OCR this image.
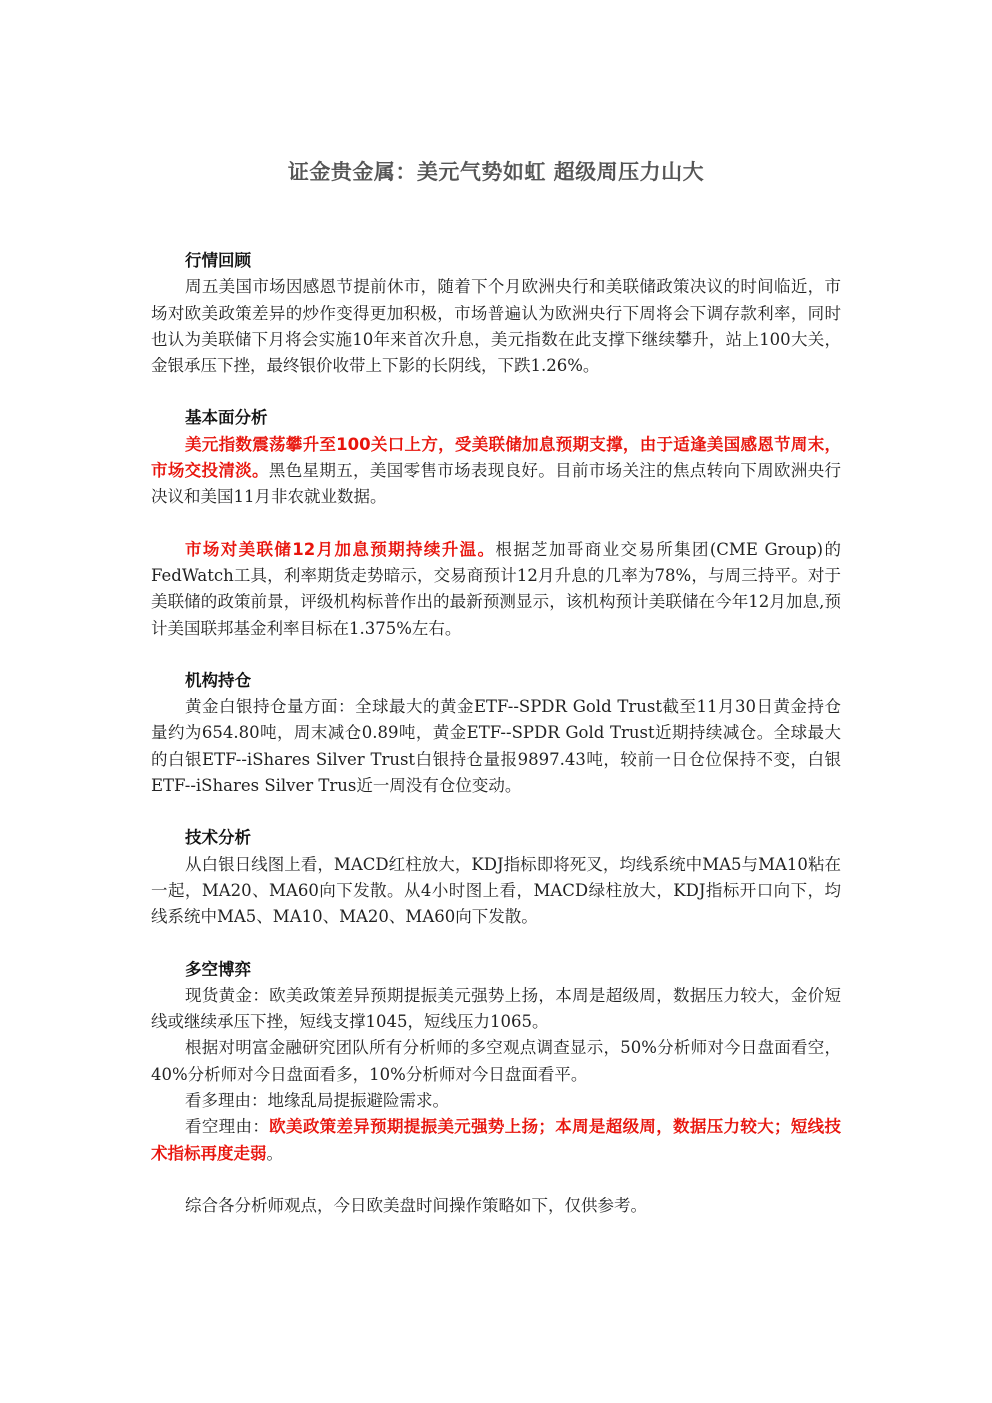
证金贵金属：美元气势如虹 超级周压力山大

行情回顾

周五美国市场因感恩节提前休市，随着下个月欧洲央行和美联储政策决议的时间临近，市场对欧美政策差异的炒作变得更加积极，市场普遍认为欧洲央行下周将会下调存款利率，同时也认为美联储下月将会实施10年来首次升息，美元指数在此支撑下继续攀升，站上100大关，金银承压下挫，最终银价收带上下影的长阴线，下跌1.26%。

基本面分析

美元指数震荡攀升至100关口上方，受美联储加息预期支撑，由于适逢美国感恩节周末，市场交投清淡。黑色星期五，美国零售市场表现良好。目前市场关注的焦点转向下周欧洲央行决议和美国11月非农就业数据。

市场对美联储12月加息预期持续升温。根据芝加哥商业交易所集团(CME Group)的FedWatch工具，利率期货走势暗示，交易商预计12月升息的几率为78%，与周三持平。对于美联储的政策前景，评级机构标普作出的最新预测显示，该机构预计美联储在今年12月加息,预计美国联邦基金利率目标在1.375%左右。

机构持仓

黄金白银持仓量方面：全球最大的黄金ETF--SPDR Gold Trust截至11月30日黄金持仓量约为654.80吨，周末减仓0.89吨，黄金ETF--SPDR Gold Trust近期持续减仓。全球最大的白银ETF--iShares Silver Trust白银持仓量报9897.43吨，较前一日仓位保持不变，白银ETF--iShares Silver Trus近一周没有仓位变动。

技术分析

从白银日线图上看，MACD红柱放大，KDJ指标即将死叉，均线系统中MA5与MA10粘在一起，MA20、MA60向下发散。从4小时图上看，MACD绿柱放大，KDJ指标开口向下，均线系统中MA5、MA10、MA20、MA60向下发散。

多空博弈

现货黄金：欧美政策差异预期提振美元强势上扬，本周是超级周，数据压力较大，金价短线或继续承压下挫，短线支撑1045，短线压力1065。

根据对明富金融研究团队所有分析师的多空观点调查显示，50%分析师对今日盘面看空，40%分析师对今日盘面看多，10%分析师对今日盘面看平。

看多理由：地缘乱局提振避险需求。

看空理由：欧美政策差异预期提振美元强势上扬；本周是超级周，数据压力较大；短线技术指标再度走弱。

综合各分析师观点，今日欧美盘时间操作策略如下，仅供参考。
